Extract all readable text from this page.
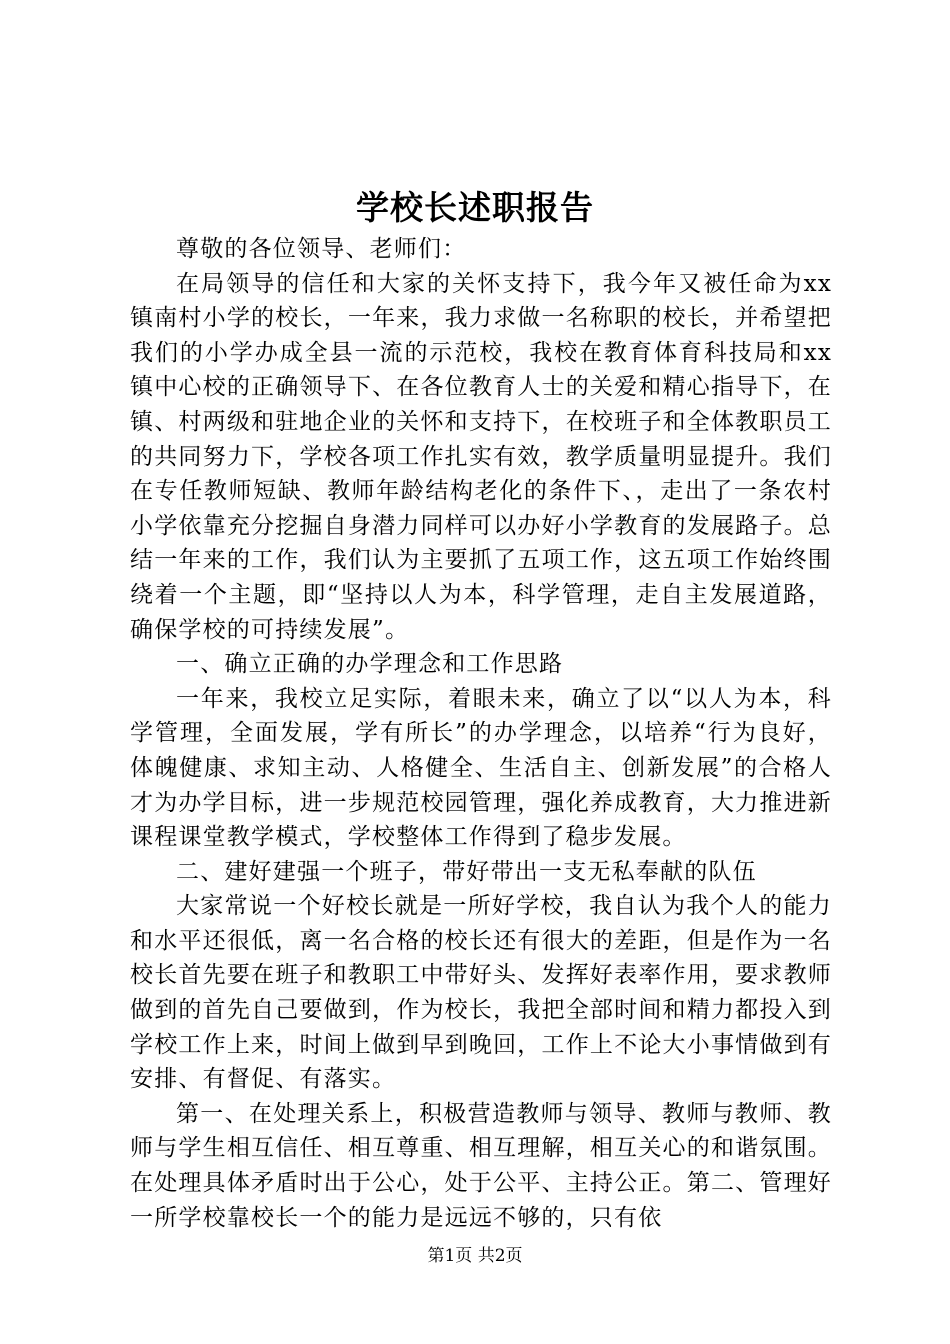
学校长述职报告

尊敬的各位领导、老师们：

在局领导的信任和大家的关怀支持下，我今年又被任命为xx镇南村小学的校长，一年来，我力求做一名称职的校长，并希望把我们的小学办成全县一流的示范校，我校在教育体育科技局和xx镇中心校的正确领导下、在各位教育人士的关爱和精心指导下，在镇、村两级和驻地企业的关怀和支持下，在校班子和全体教职员工的共同努力下，学校各项工作扎实有效，教学质量明显提升。我们在专任教师短缺、教师年龄结构老化的条件下、，走出了一条农村小学依靠充分挖掘自身潜力同样可以办好小学教育的发展路子。总结一年来的工作，我们认为主要抓了五项工作，这五项工作始终围绕着一个主题，即“坚持以人为本，科学管理，走自主发展道路，确保学校的可持续发展”。

一、确立正确的办学理念和工作思路

一年来，我校立足实际，着眼未来，确立了以“以人为本，科学管理，全面发展，学有所长”的办学理念，以培养“行为良好，体魄健康、求知主动、人格健全、生活自主、创新发展”的合格人才为办学目标，进一步规范校园管理，强化养成教育，大力推进新课程课堂教学模式，学校整体工作得到了稳步发展。

二、建好建强一个班子，带好带出一支无私奉献的队伍

大家常说一个好校长就是一所好学校，我自认为我个人的能力和水平还很低，离一名合格的校长还有很大的差距，但是作为一名校长首先要在班子和教职工中带好头、发挥好表率作用，要求教师做到的首先自己要做到，作为校长，我把全部时间和精力都投入到学校工作上来，时间上做到早到晚回，工作上不论大小事情做到有安排、有督促、有落实。

第一、在处理关系上，积极营造教师与领导、教师与教师、教师与学生相互信任、相互尊重、相互理解，相互关心的和谐氛围。在处理具体矛盾时出于公心，处于公平、主持公正。第二、管理好一所学校靠校长一个的能力是远远不够的，只有依

第1页 共2页
